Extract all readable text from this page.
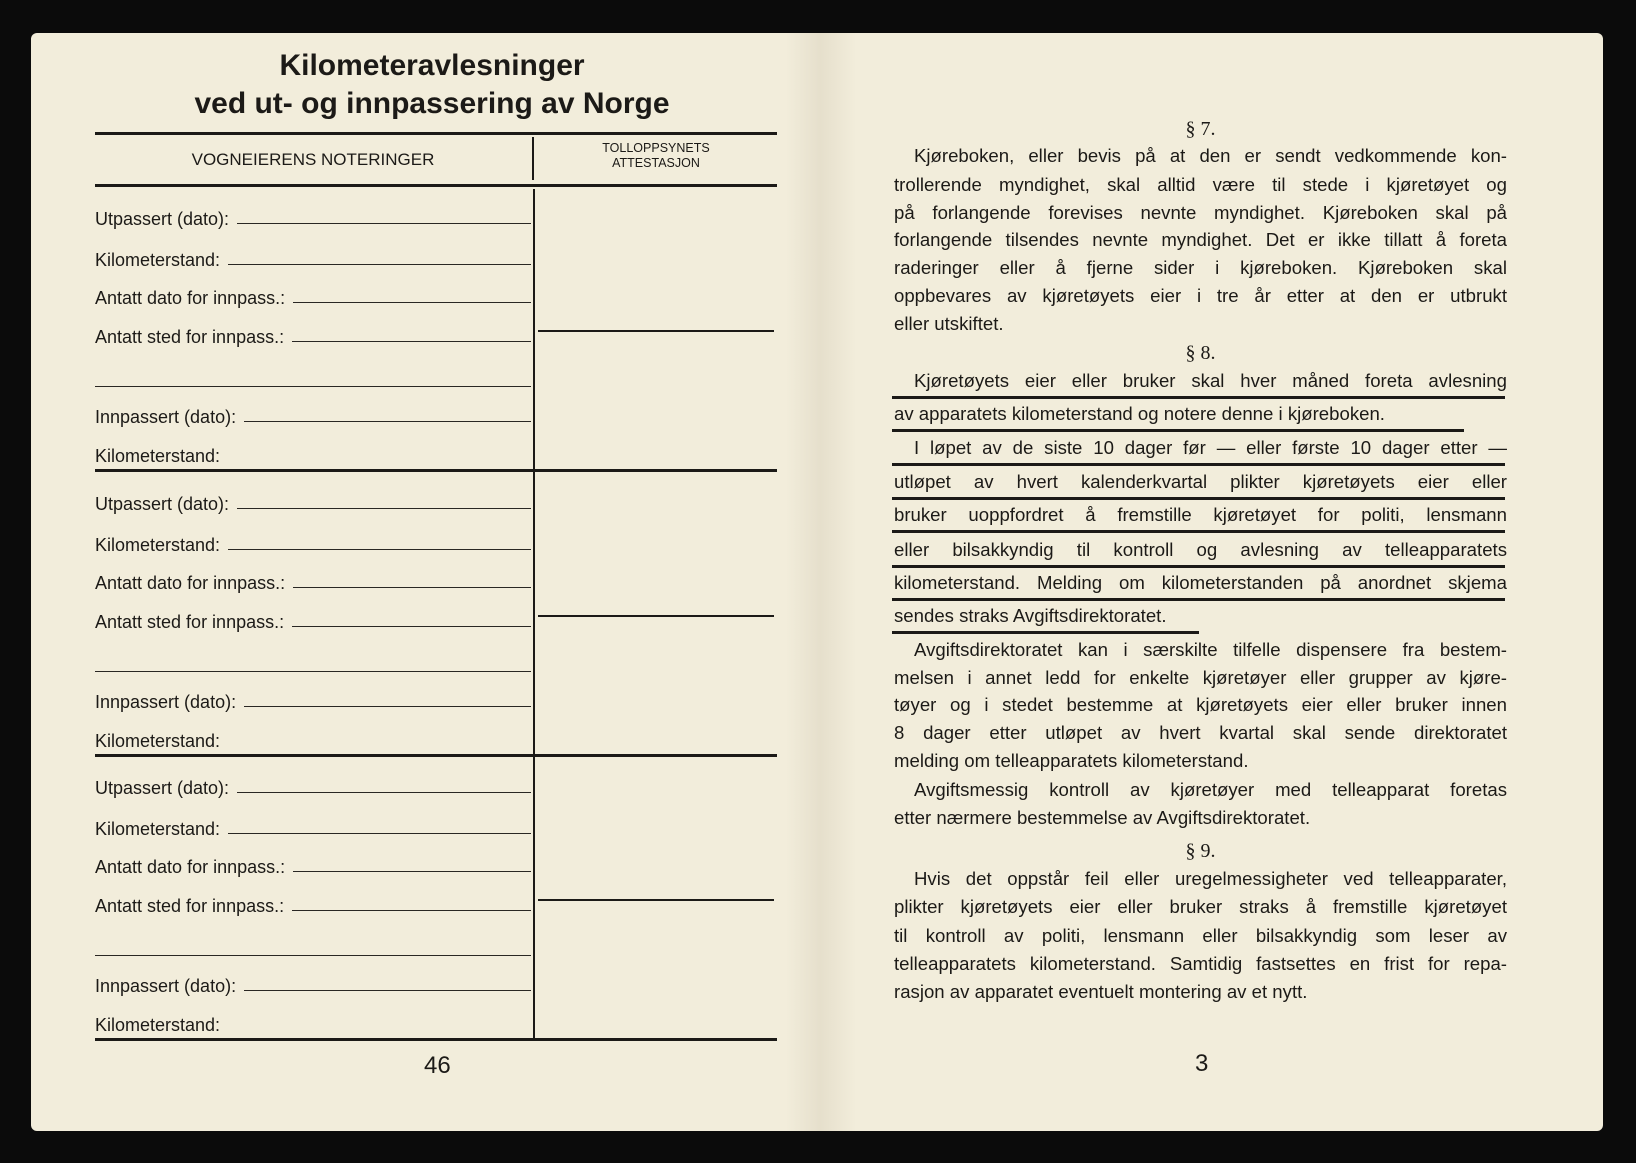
Kilometeravlesninger
ved ut- og innpassering av Norge
VOGNEIERENS NOTERINGER
TOLLOPPSYNETS
ATTESTASJON
Utpassert (dato):
Kilometerstand:
Antatt dato for innpass.:
Antatt sted for innpass.:
Innpassert (dato):
Kilometerstand:
Utpassert (dato):
Kilometerstand:
Antatt dato for innpass.:
Antatt sted for innpass.:
Innpassert (dato):
Kilometerstand:
Utpassert (dato):
Kilometerstand:
Antatt dato for innpass.:
Antatt sted for innpass.:
Innpassert (dato):
Kilometerstand:
46
§ 7.
Kjøreboken, eller bevis på at den er sendt vedkommende kon-
trollerende myndighet, skal alltid være til stede i kjøretøyet og
på forlangende forevises nevnte myndighet. Kjøreboken skal på
forlangende tilsendes nevnte myndighet. Det er ikke tillatt å foreta
raderinger eller å fjerne sider i kjøreboken. Kjøreboken skal
oppbevares av kjøretøyets eier i tre år etter at den er utbrukt
eller utskiftet.
§ 8.
Kjøretøyets eier eller bruker skal hver måned foreta avlesning
av apparatets kilometerstand og notere denne i kjøreboken.
I løpet av de siste 10 dager før — eller første 10 dager etter —
utløpet av hvert kalenderkvartal plikter kjøretøyets eier eller
bruker uoppfordret å fremstille kjøretøyet for politi, lensmann
eller bilsakkyndig til kontroll og avlesning av telleapparatets
kilometerstand. Melding om kilometerstanden på anordnet skjema
sendes straks Avgiftsdirektoratet.
Avgiftsdirektoratet kan i særskilte tilfelle dispensere fra bestem-
melsen i annet ledd for enkelte kjøretøyer eller grupper av kjøre-
tøyer og i stedet bestemme at kjøretøyets eier eller bruker innen
8 dager etter utløpet av hvert kvartal skal sende direktoratet
melding om telleapparatets kilometerstand.
Avgiftsmessig kontroll av kjøretøyer med telleapparat foretas
etter nærmere bestemmelse av Avgiftsdirektoratet.
§ 9.
Hvis det oppstår feil eller uregelmessigheter ved telleapparater,
plikter kjøretøyets eier eller bruker straks å fremstille kjøretøyet
til kontroll av politi, lensmann eller bilsakkyndig som leser av
telleapparatets kilometerstand. Samtidig fastsettes en frist for repa-
rasjon av apparatet eventuelt montering av et nytt.
3
